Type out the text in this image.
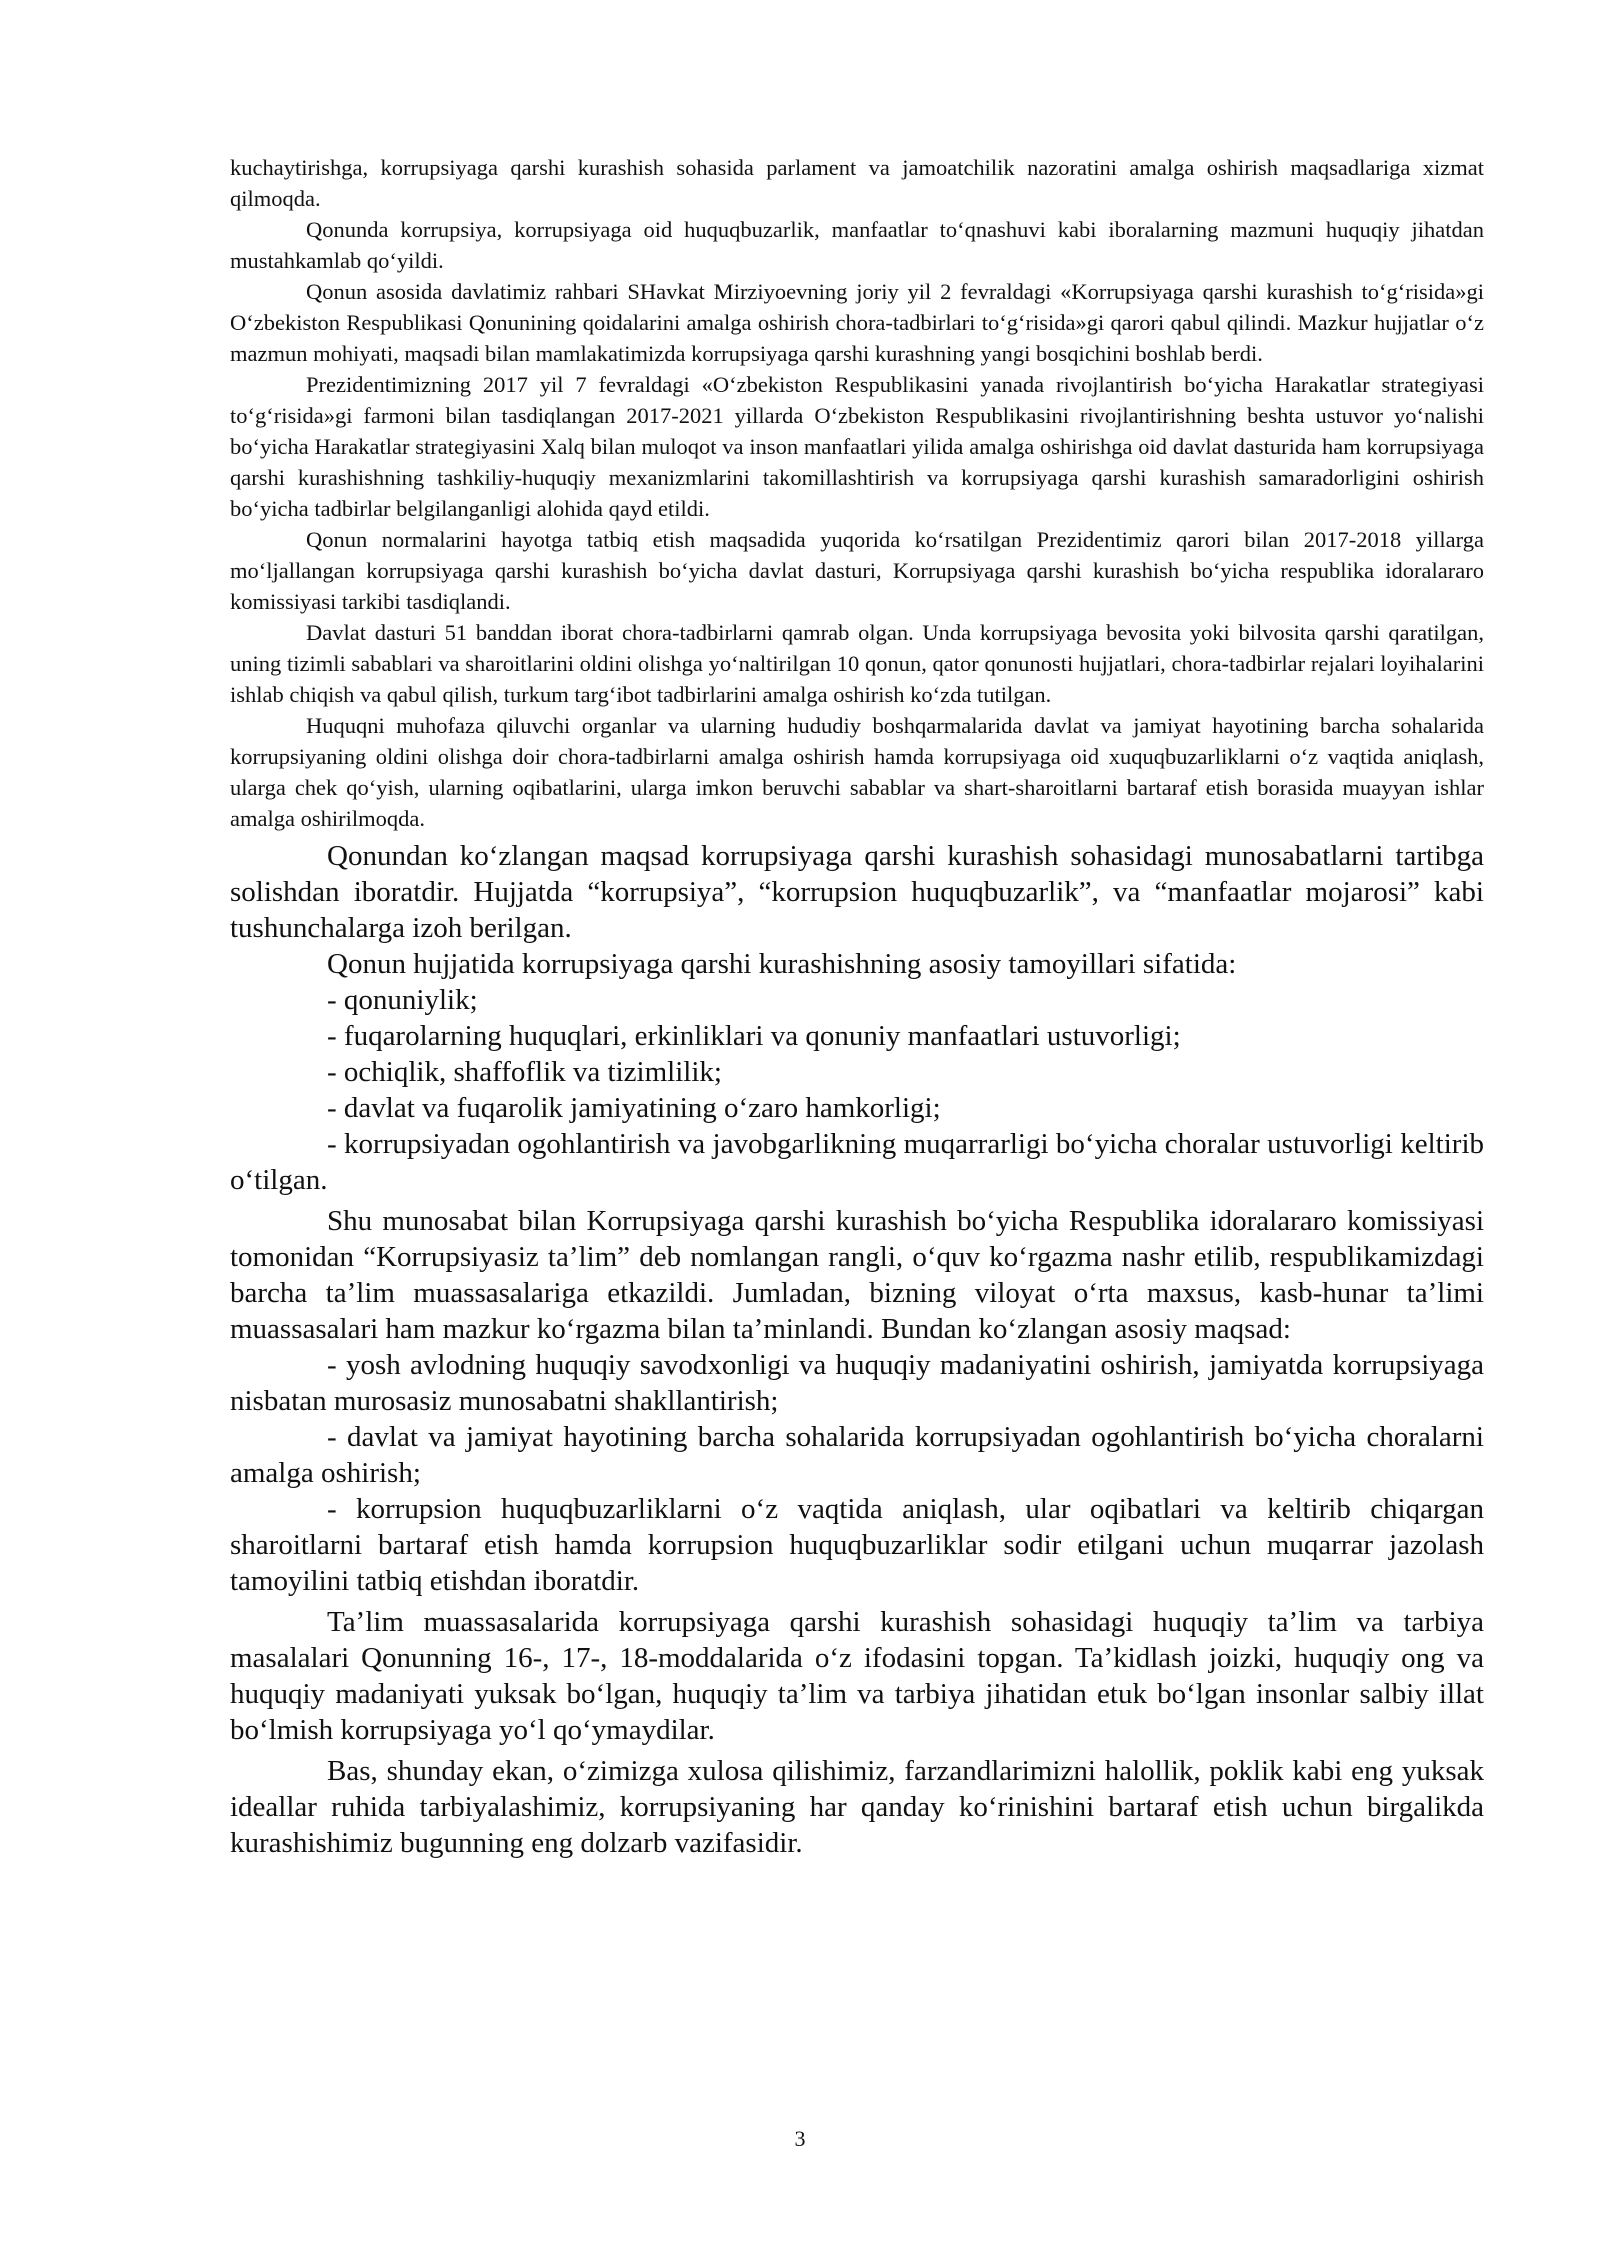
kuchaytirishga, korrupsiyaga qarshi kurashish sohasida parlament va jamoatchilik nazoratini amalga oshirish maqsadlariga xizmat qilmoqda.

Qonunda korrupsiya, korrupsiyaga oid huquqbuzarlik, manfaatlar to‘qnashuvi kabi iboralarning mazmuni huquqiy jihatdan mustahkamlab qo‘yildi.

Qonun asosida davlatimiz rahbari SHavkat Mirziyoevning joriy yil 2 fevraldagi «Korrupsiyaga qarshi kurashish to‘g‘risida»gi O‘zbekiston Respublikasi Qonunining qoidalarini amalga oshirish chora-tadbirlari to‘g‘risida»gi qarori qabul qilindi. Mazkur hujjatlar o‘z mazmun mohiyati, maqsadi bilan mamlakatimizda korrupsiyaga qarshi kurashning yangi bosqichini boshlab berdi.

Prezidentimizning 2017 yil 7 fevraldagi «O‘zbekiston Respublikasini yanada rivojlantirish bo‘yicha Harakatlar strategiyasi to‘g‘risida»gi farmoni bilan tasdiqlangan 2017-2021 yillarda O‘zbekiston Respublikasini rivojlantirishning beshta ustuvor yo‘nalishi bo‘yicha Harakatlar strategiyasini Xalq bilan muloqot va inson manfaatlari yilida amalga oshirishga oid davlat dasturida ham korrupsiyaga qarshi kurashishning tashkiliy-huquqiy mexanizmlarini takomillashtirish va korrupsiyaga qarshi kurashish samaradorligini oshirish bo‘yicha tadbirlar belgilanganligi alohida qayd etildi.

Qonun normalarini hayotga tatbiq etish maqsadida yuqorida ko‘rsatilgan Prezidentimiz qarori bilan 2017-2018 yillarga mo‘ljallangan korrupsiyaga qarshi kurashish bo‘yicha davlat dasturi, Korrupsiyaga qarshi kurashish bo‘yicha respublika idoralararo komissiyasi tarkibi tasdiqlandi.

Davlat dasturi 51 banddan iborat chora-tadbirlarni qamrab olgan. Unda korrupsiyaga bevosita yoki bilvosita qarshi qaratilgan, uning tizimli sabablari va sharoitlarini oldini olishga yo‘naltirilgan 10 qonun, qator qonunosti hujjatlari, chora-tadbirlar rejalari loyihalarini ishlab chiqish va qabul qilish, turkum targ‘ibot tadbirlarini amalga oshirish ko‘zda tutilgan.

Huquqni muhofaza qiluvchi organlar va ularning hududiy boshqarmalarida davlat va jamiyat hayotining barcha sohalarida korrupsiyaning oldini olishga doir chora-tadbirlarni amalga oshirish hamda korrupsiyaga oid xuquqbuzarliklarni o‘z vaqtida aniqlash, ularga chek qo‘yish, ularning oqibatlarini, ularga imkon beruvchi sabablar va shart-sharoitlarni bartaraf etish borasida muayyan ishlar amalga oshirilmoqda.

Qonundan ko‘zlangan maqsad korrupsiyaga qarshi kurashish sohasidagi munosabatlarni tartibga solishdan iboratdir. Hujjatda “korrupsiya”, “korrupsion huquqbuzarlik”, va “manfaatlar mojarosi” kabi tushunchalarga izoh berilgan.

Qonun hujjatida korrupsiyaga qarshi kurashishning asosiy tamoyillari sifatida:

- qonuniylik;

- fuqarolarning huquqlari, erkinliklari va qonuniy manfaatlari ustuvorligi;

- ochiqlik, shaffoflik va tizimlilik;

- davlat va fuqarolik jamiyatining o‘zaro hamkorligi;

- korrupsiyadan ogohlantirish va javobgarlikning muqarrarligi bo‘yicha choralar ustuvorligi keltirib o‘tilgan.

Shu munosabat bilan Korrupsiyaga qarshi kurashish bo‘yicha Respublika idoralararo komissiyasi tomonidan “Korrupsiyasiz ta’lim” deb nomlangan rangli, o‘quv ko‘rgazma nashr etilib, respublikamizdagi barcha ta’lim muassasalariga etkazildi. Jumladan, bizning viloyat o‘rta maxsus, kasb-hunar ta’limi muassasalari ham mazkur ko‘rgazma bilan ta’minlandi. Bundan ko‘zlangan asosiy maqsad:

- yosh avlodning huquqiy savodxonligi va huquqiy madaniyatini oshirish, jamiyatda korrupsiyaga nisbatan murosasiz munosabatni shakllantirish;

- davlat va jamiyat hayotining barcha sohalarida korrupsiyadan ogohlantirish bo‘yicha choralarni amalga oshirish;

- korrupsion huquqbuzarliklarni o‘z vaqtida aniqlash, ular oqibatlari va keltirib chiqargan sharoitlarni bartaraf etish hamda korrupsion huquqbuzarliklar sodir etilgani uchun muqarrar jazolash tamoyilini tatbiq etishdan iboratdir.

Ta’lim muassasalarida korrupsiyaga qarshi kurashish sohasidagi huquqiy ta’lim va tarbiya masalalari Qonunning 16-, 17-, 18-moddalarida o‘z ifodasini topgan. Ta’kidlash joizki, huquqiy ong va huquqiy madaniyati yuksak bo‘lgan, huquqiy ta’lim va tarbiya jihatidan etuk bo‘lgan insonlar salbiy illat bo‘lmish korrupsiyaga yo‘l qo‘ymaydilar.

Bas, shunday ekan, o‘zimizga xulosa qilishimiz, farzandlarimizni halollik, poklik kabi eng yuksak ideallar ruhida tarbiyalashimiz, korrupsiyaning har qanday ko‘rinishini bartaraf etish uchun birgalikda kurashishimiz bugunning eng dolzarb vazifasidir.

3
